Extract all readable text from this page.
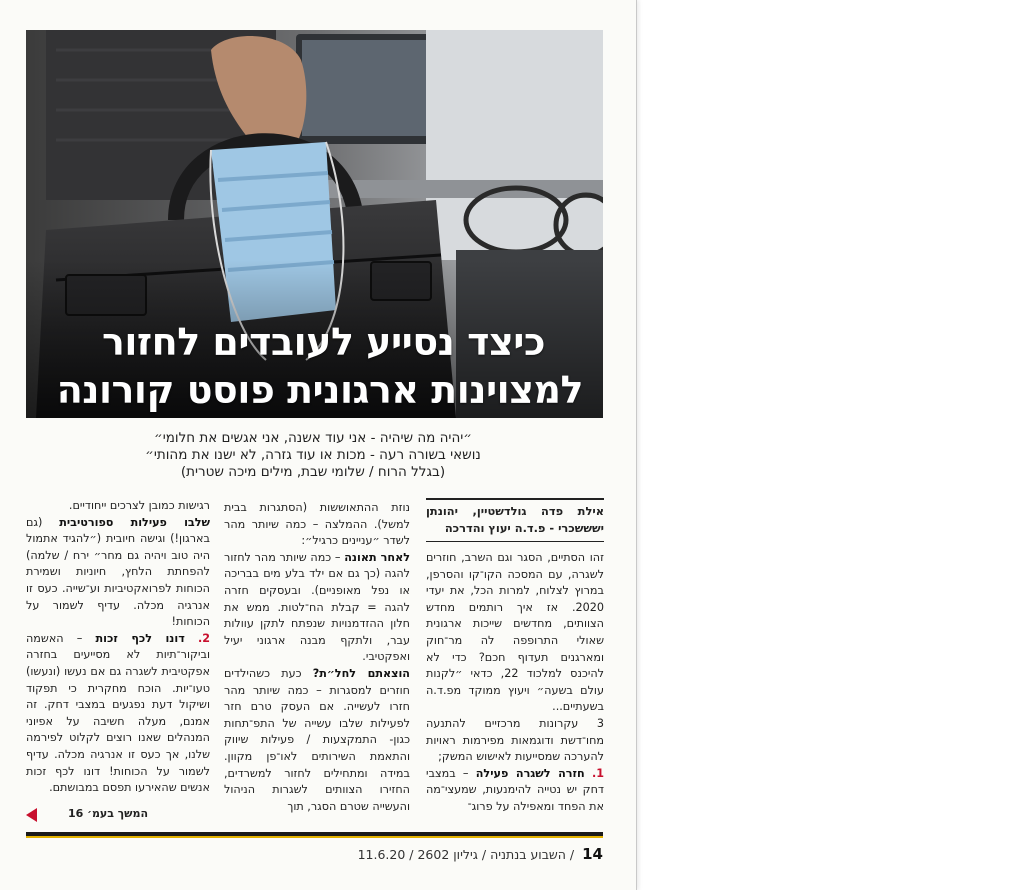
כיצד נסייע לעובדים לחזור
למצוינות ארגונית פוסט קורונה
״יהיה מה שיהיה - אני עוד אשנה, אני אגשים את חלומי״
נושאי בשורה רעה - מכות או עוד גזרה, לא ישנו את מהותי״
(בגלל הרוח / שלומי שבת, מילים מיכה שטרית)
אילת פדה גולדשטיין, יהונתן ישששכרי - פ.ד.ה יעוץ והדרכה

זהו הסתיים, הסגר וגם השרב, חוזרים לשגרה, עם המסכה הקו־קו והסרפן, במרוץ לצלוח, למרות הכל, את יעדי 2020. אז איך רותמים מחדש הצוותים, מחדשים שייכות ארגונית שאולי התרופפה לה מר־חוק ומארגנים תעדוף חכם? כדי לא להיכנס למלכוד 22, כדאי ״לקנות עולם בשעה״ ויעוץ ממוקד מפ.ד.ה בשעתיים...

3 עקרונות מרכזיים להתנעה מחו־דשת ודוגמאות מפירמות ראויות להערכה שמסייעות לאישוש המשק;

1. חזרה לשגרה פעילה – במצבי דחק יש נטייה להימנעות, שמעצי־מה את הפחד ומאפילה על פרוג־

נוזת ההתאוששות (הסתגרות בבית למשל). ההמלצה – כמה שיותר מהר לשדר ״עניינים כרגיל״:

לאחר תאונה – כמה שיותר מהר לחזור להגה (כך גם אם ילד בלע מים בבריכה או נפל מאופניים). ובעסקים חזרה להגה = קבלת הח־לטות. ממש את חלון ההזדמנויות שנפתח לתקן עוולות עבר, ולתקף מבנה ארגוני יעיל ואפקטיבי.

הוצאתם לחל״ת? כעת כשהילדים חוזרים למסגרות – כמה שיותר מהר חזרו לעשייה. אם העסק טרם חזר לפעילות שלבו עשייה של התפ־תחות כגון- התמקצעות / פעילות שיווק והתאמת השירותים לאו־פן מקוון. במידה ומתחילים לחזור למשרדים, החזירו הצוותים לשגרות הניהול והעשייה שטרם הסגר, תוך

רגישות כמובן לצרכים ייחודיים.

שלבו פעילות ספורטיבית (גם בארגון!) וגישה חיובית (״להגיד אתמול היה טוב ויהיה גם מחר״ ירח / שלמה) להפחתת הלחץ, חיוניות ושמירת הכוחות לפרואקטיביות וע־שייה. כעס זו אנרגיה מכלה. עדיף לשמור על הכוחות!

2. דונו לכף זכות – האשמה וביקור־תיות לא מסייעים בחזרה אפקטיבית לשגרה גם אם נעשו (ונעשו) טעו־יות. הוכח מחקרית כי תפקוד ושיקול דעת נפגעים במצבי דחק. זה אמנם, מעלה חשיבה על אפיוני המנהלים שאנו רוצים לקלוט לפירמה שלנו, אך כעס זו אנרגיה מכלה. עדיף לשמור על הכוחות! דונו לכף זכות אנשים שהאירעו תפסם במבושתם.

המשך בעמ׳ 16
14 / השבוע בנתניה / גיליון 2602 / 11.6.20
